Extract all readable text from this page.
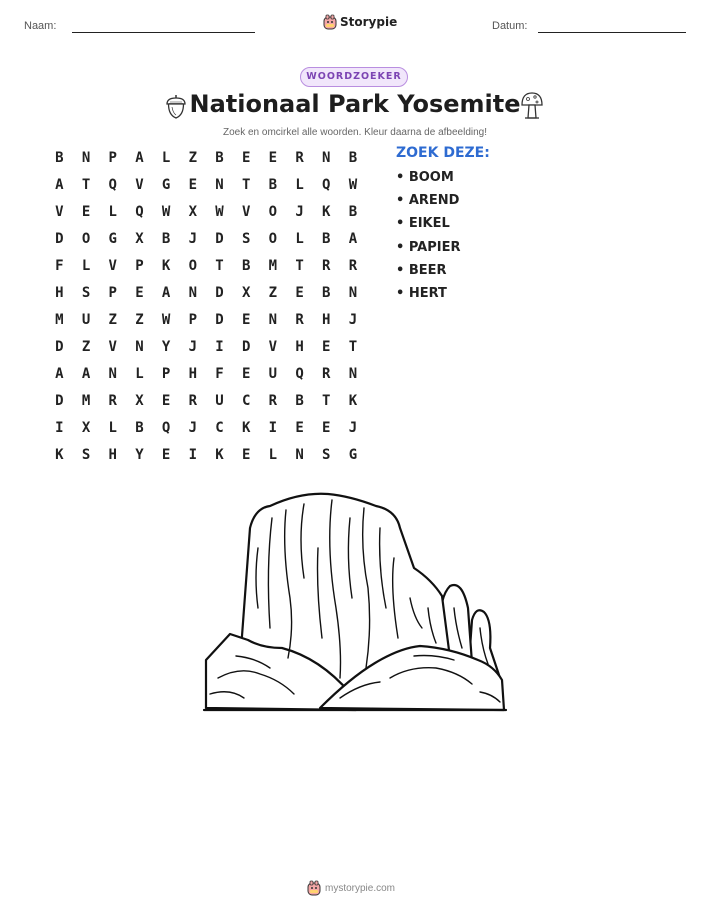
Naam:	Storypie	Datum:
WOORDZOEKER
Nationaal Park Yosemite
Zoek en omcirkel alle woorden. Kleur daarna de afbeelding!
B	N	P	A	L	Z	B	E	E	R	N	B
A	T	Q	V	G	E	N	T	B	L	Q	W
V	E	L	Q	W	X	W	V	O	J	K	B
D	O	G	X	B	J	D	S	O	L	B	A
F	L	V	P	K	O	T	B	M	T	R	R
H	S	P	E	A	N	D	X	Z	E	B	N
M	U	Z	Z	W	P	D	E	N	R	H	J
D	Z	V	N	Y	J	I	D	V	H	E	T
A	A	N	L	P	H	F	E	U	Q	R	N
D	M	R	X	E	R	U	C	R	B	T	K
I	X	L	B	Q	J	C	K	I	E	E	J
K	S	H	Y	E	I	K	E	L	N	S	G
ZOEK DEZE:
• BOOM
• AREND
• EIKEL
• PAPIER
• BEER
• HERT
mystorypie.com
